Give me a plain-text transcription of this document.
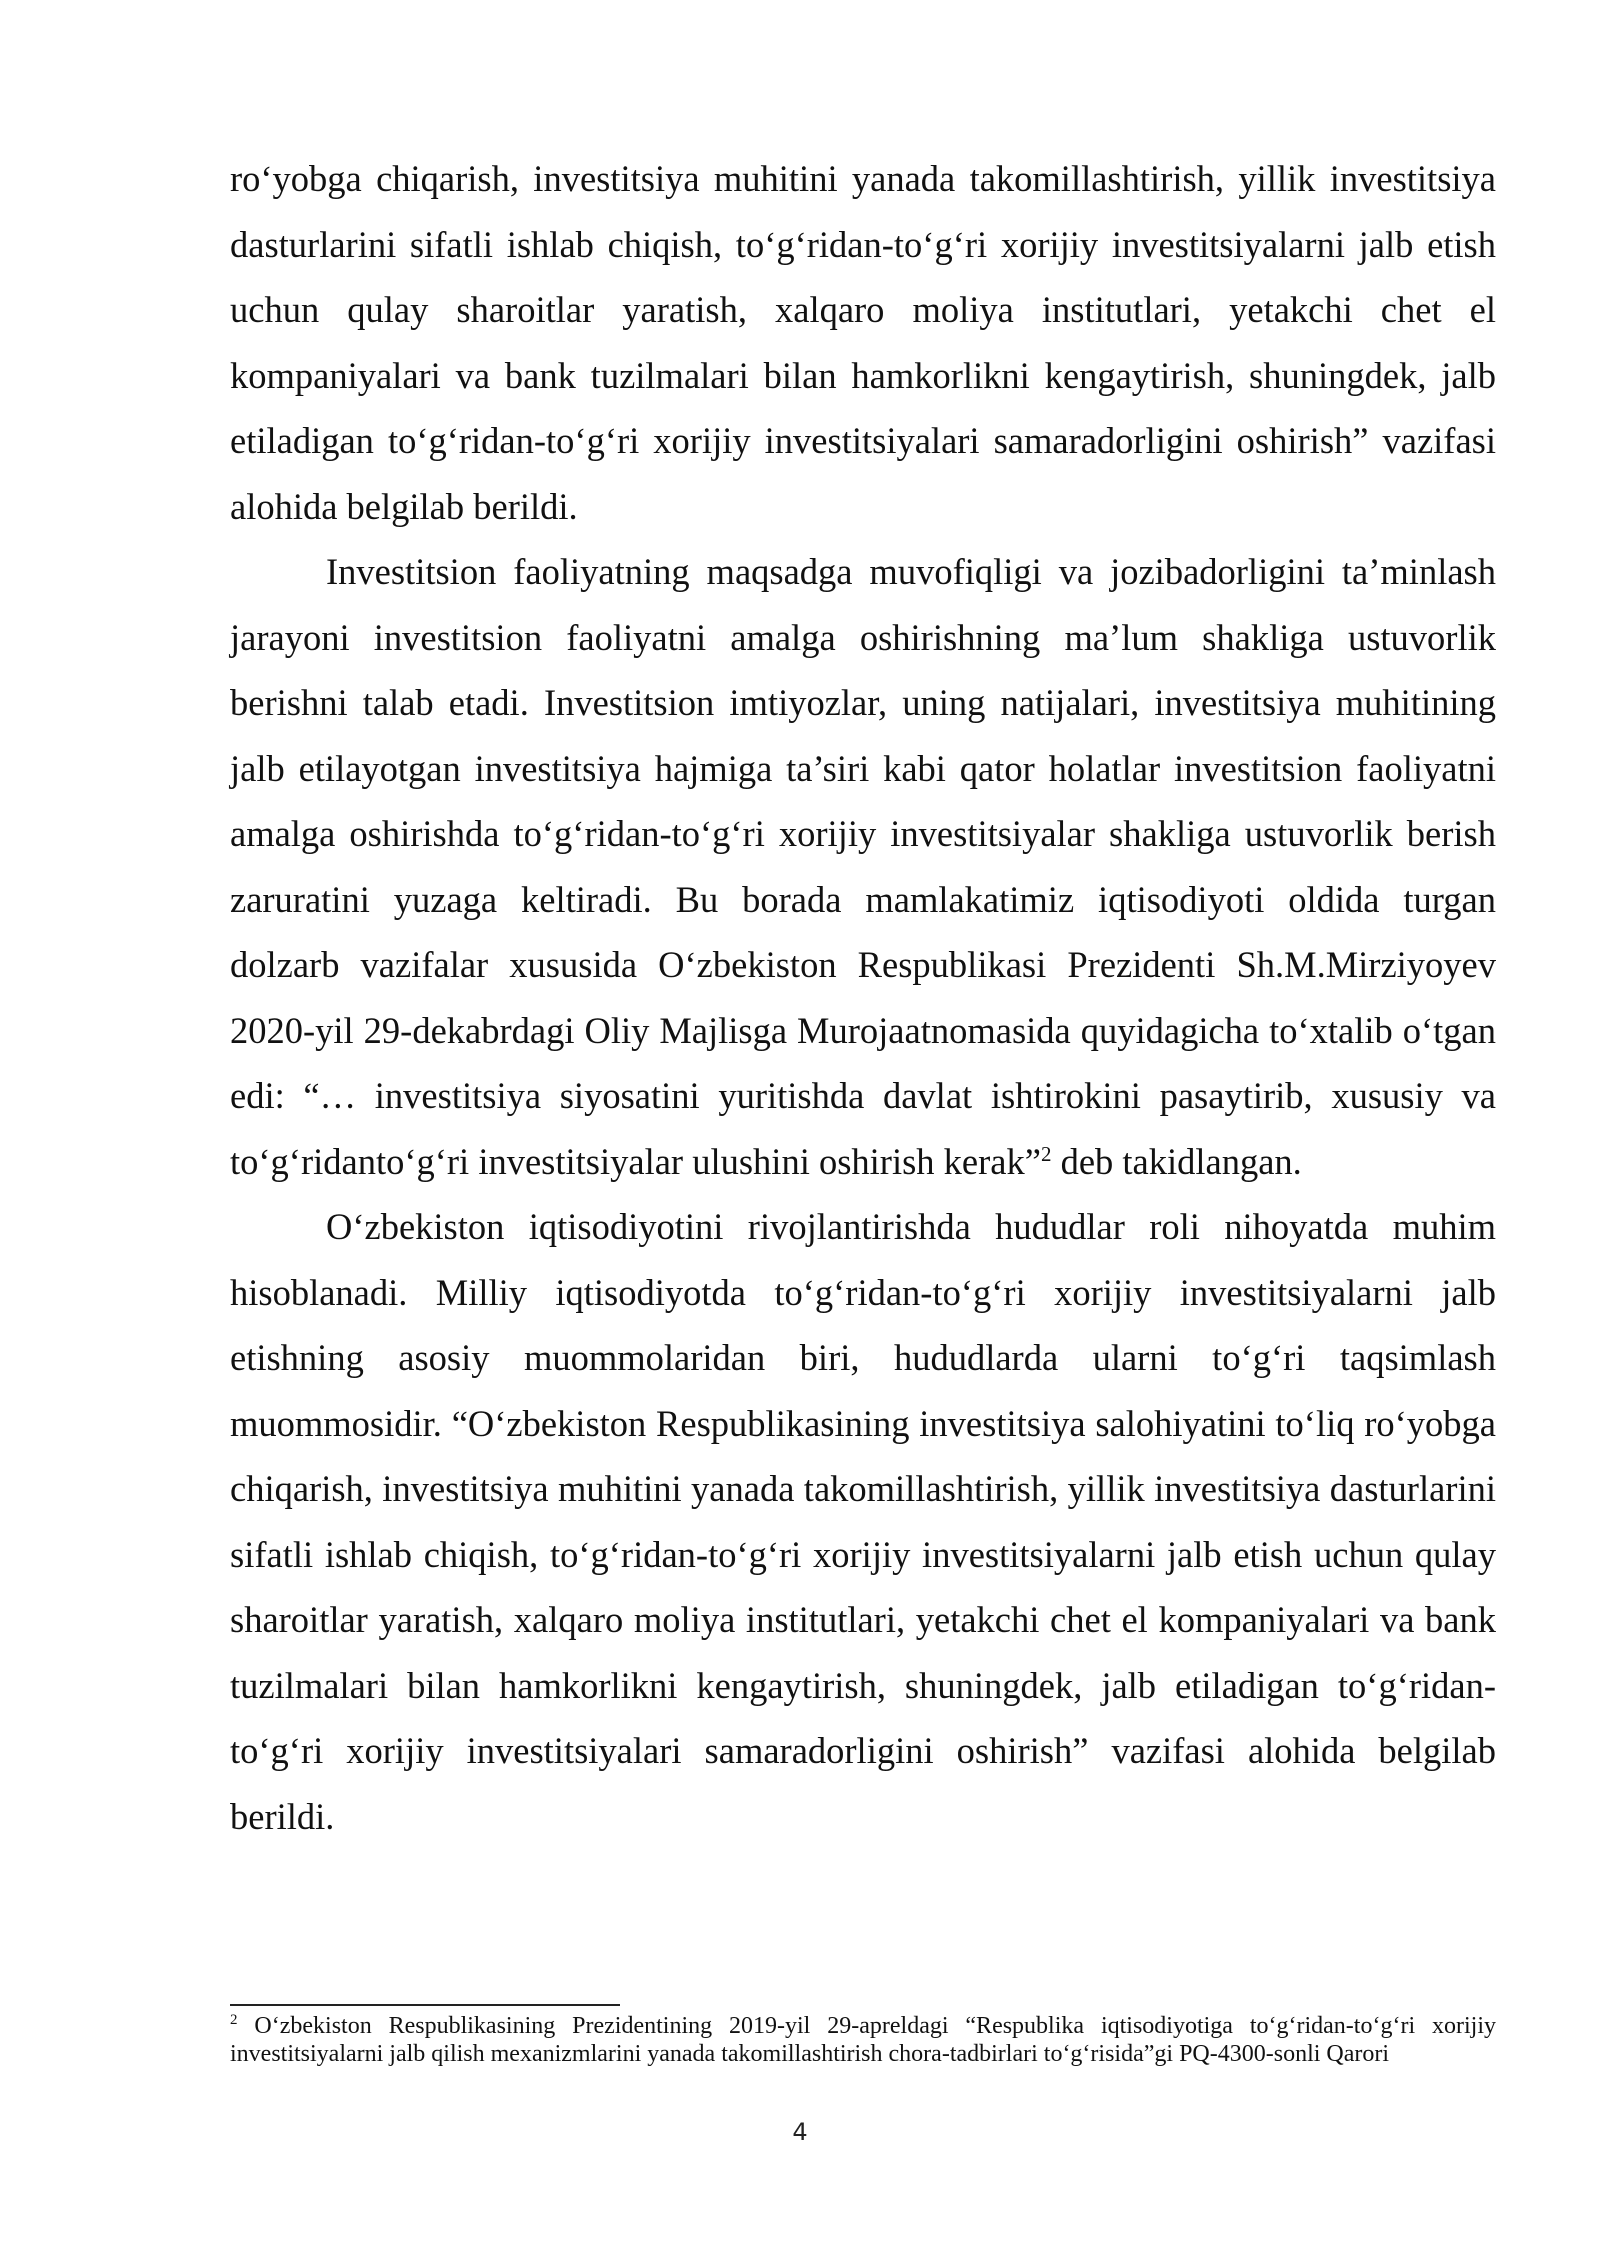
ro‘yobga chiqarish, investitsiya muhitini yanada takomillashtirish, yillik investitsiya dasturlarini sifatli ishlab chiqish, to‘g‘ridan-to‘g‘ri xorijiy investitsiyalarni jalb etish uchun qulay sharoitlar yaratish, xalqaro moliya institutlari, yetakchi chet el kompaniyalari va bank tuzilmalari bilan hamkorlikni kengaytirish, shuningdek, jalb etiladigan to‘g‘ridan-to‘g‘ri xorijiy investitsiyalari samaradorligini oshirish” vazifasi alohida belgilab berildi.

Investitsion faoliyatning maqsadga muvofiqligi va jozibadorligini ta’minlash jarayoni investitsion faoliyatni amalga oshirishning ma’lum shakliga ustuvorlik berishni talab etadi. Investitsion imtiyozlar, uning natijalari, investitsiya muhitining jalb etilayotgan investitsiya hajmiga ta’siri kabi qator holatlar investitsion faoliyatni amalga oshirishda to‘g‘ridan-to‘g‘ri xorijiy investitsiyalar shakliga ustuvorlik berish zaruratini yuzaga keltiradi. Bu borada mamlakatimiz iqtisodiyoti oldida turgan dolzarb vazifalar xususida O‘zbekiston Respublikasi Prezidenti Sh.M.Mirziyoyev 2020-yil 29-dekabrdagi Oliy Majlisga Murojaatnomasida quyidagicha to‘xtalib o‘tgan edi: “… investitsiya siyosatini yuritishda davlat ishtirokini pasaytirib, xususiy va to‘g‘ridanto‘g‘ri investitsiyalar ulushini oshirish kerak”$^2$ deb takidlangan.

O‘zbekiston iqtisodiyotini rivojlantirishda hududlar roli nihoyatda muhim hisoblanadi. Milliy iqtisodiyotda to‘g‘ridan-to‘g‘ri xorijiy investitsiyalarni jalb etishning asosiy muommolaridan biri, hududlarda ularni to‘g‘ri taqsimlash muommosidir. “O‘zbekiston Respublikasining investitsiya salohiyatini to‘liq ro‘yobga chiqarish, investitsiya muhitini yanada takomillashtirish, yillik investitsiya dasturlarini sifatli ishlab chiqish, to‘g‘ridan-to‘g‘ri xorijiy investitsiyalarni jalb etish uchun qulay sharoitlar yaratish, xalqaro moliya institutlari, yetakchi chet el kompaniyalari va bank tuzilmalari bilan hamkorlikni kengaytirish, shuningdek, jalb etiladigan to‘g‘ridan-to‘g‘ri xorijiy investitsiyalari samaradorligini oshirish” vazifasi alohida belgilab berildi.

$^2$ O‘zbekiston Respublikasining Prezidentining 2019-yil 29-apreldagi “Respublika iqtisodiyotiga to‘g‘ridan-to‘g‘ri xorijiy investitsiyalarni jalb qilish mexanizmlarini yanada takomillashtirish chora-tadbirlari to‘g‘risida”gi PQ-4300-sonli Qarori

4
